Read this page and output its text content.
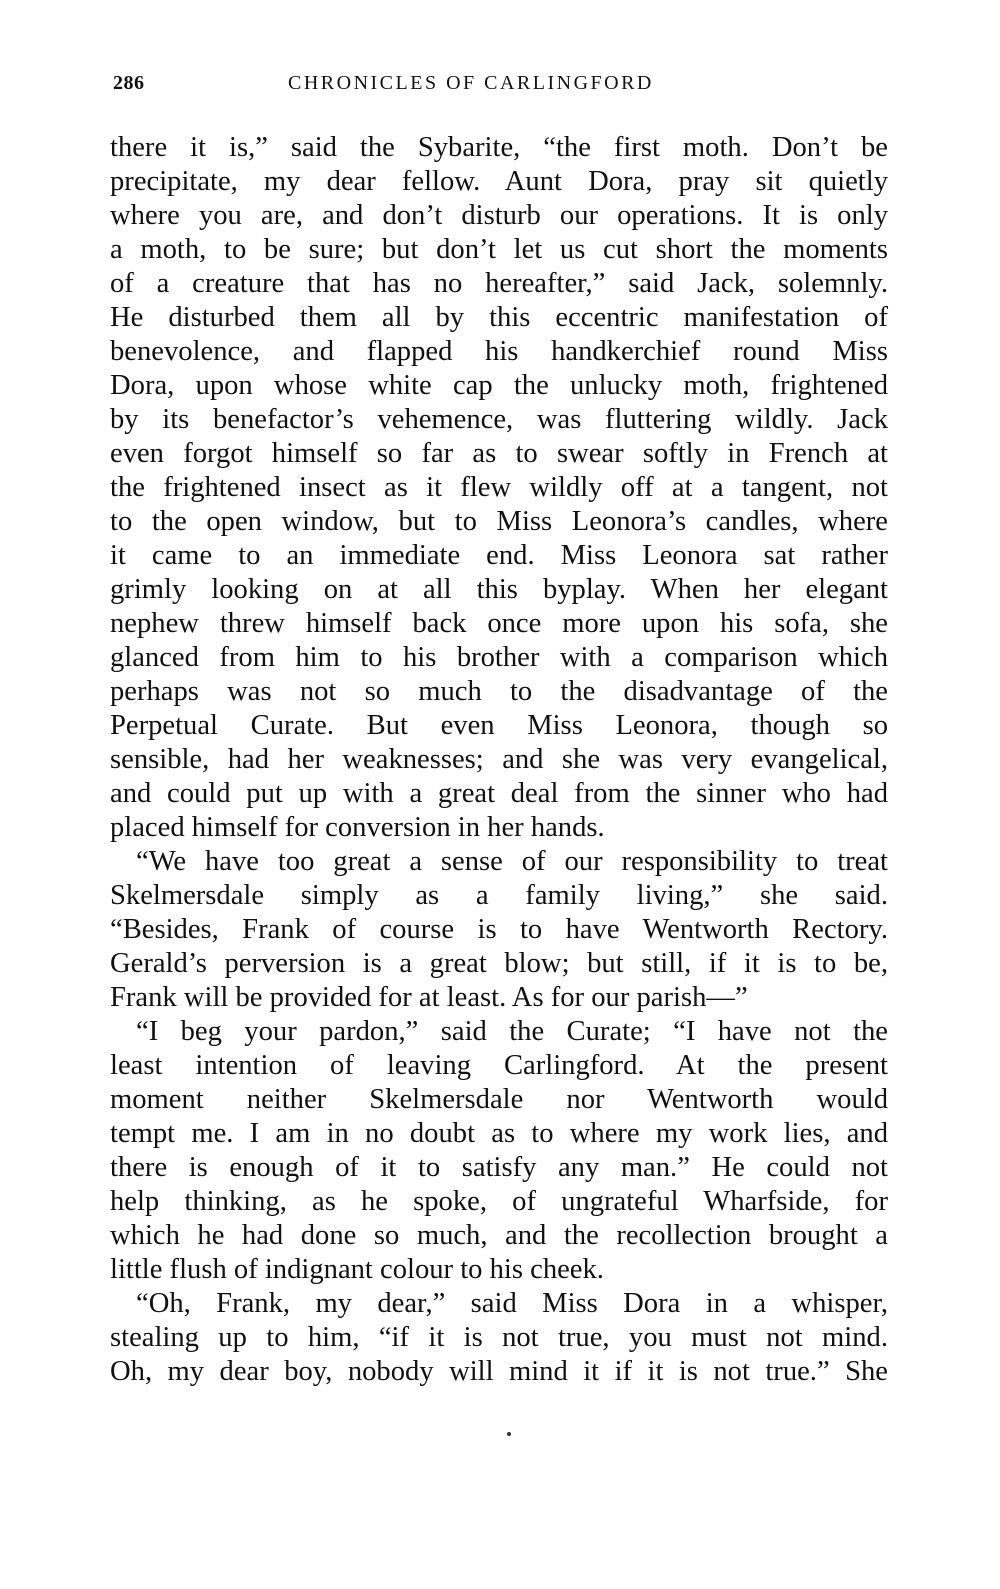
286	CHRONICLES OF CARLINGFORD
there it is,” said the Sybarite, “the first moth. Don’t be
precipitate, my dear fellow. Aunt Dora, pray sit quietly
where you are, and don’t disturb our operations. It is only
a moth, to be sure; but don’t let us cut short the moments
of a creature that has no hereafter,” said Jack, solemnly.
He disturbed them all by this eccentric manifestation of
benevolence, and flapped his handkerchief round Miss
Dora, upon whose white cap the unlucky moth, frightened
by its benefactor’s vehemence, was fluttering wildly. Jack
even forgot himself so far as to swear softly in French at
the frightened insect as it flew wildly off at a tangent, not
to the open window, but to Miss Leonora’s candles, where
it came to an immediate end. Miss Leonora sat rather
grimly looking on at all this byplay. When her elegant
nephew threw himself back once more upon his sofa, she
glanced from him to his brother with a comparison which
perhaps was not so much to the disadvantage of the
Perpetual Curate. But even Miss Leonora, though so
sensible, had her weaknesses; and she was very evangelical,
and could put up with a great deal from the sinner who had
placed himself for conversion in her hands.
“We have too great a sense of our responsibility to treat
Skelmersdale simply as a family living,” she said.
“Besides, Frank of course is to have Wentworth Rectory.
Gerald’s perversion is a great blow; but still, if it is to be,
Frank will be provided for at least. As for our parish—”
“I beg your pardon,” said the Curate; “I have not the
least intention of leaving Carlingford. At the present
moment neither Skelmersdale nor Wentworth would
tempt me. I am in no doubt as to where my work lies, and
there is enough of it to satisfy any man.” He could not
help thinking, as he spoke, of ungrateful Wharfside, for
which he had done so much, and the recollection brought a
little flush of indignant colour to his cheek.
“Oh, Frank, my dear,” said Miss Dora in a whisper,
stealing up to him, “if it is not true, you must not mind.
Oh, my dear boy, nobody will mind it if it is not true.” She
